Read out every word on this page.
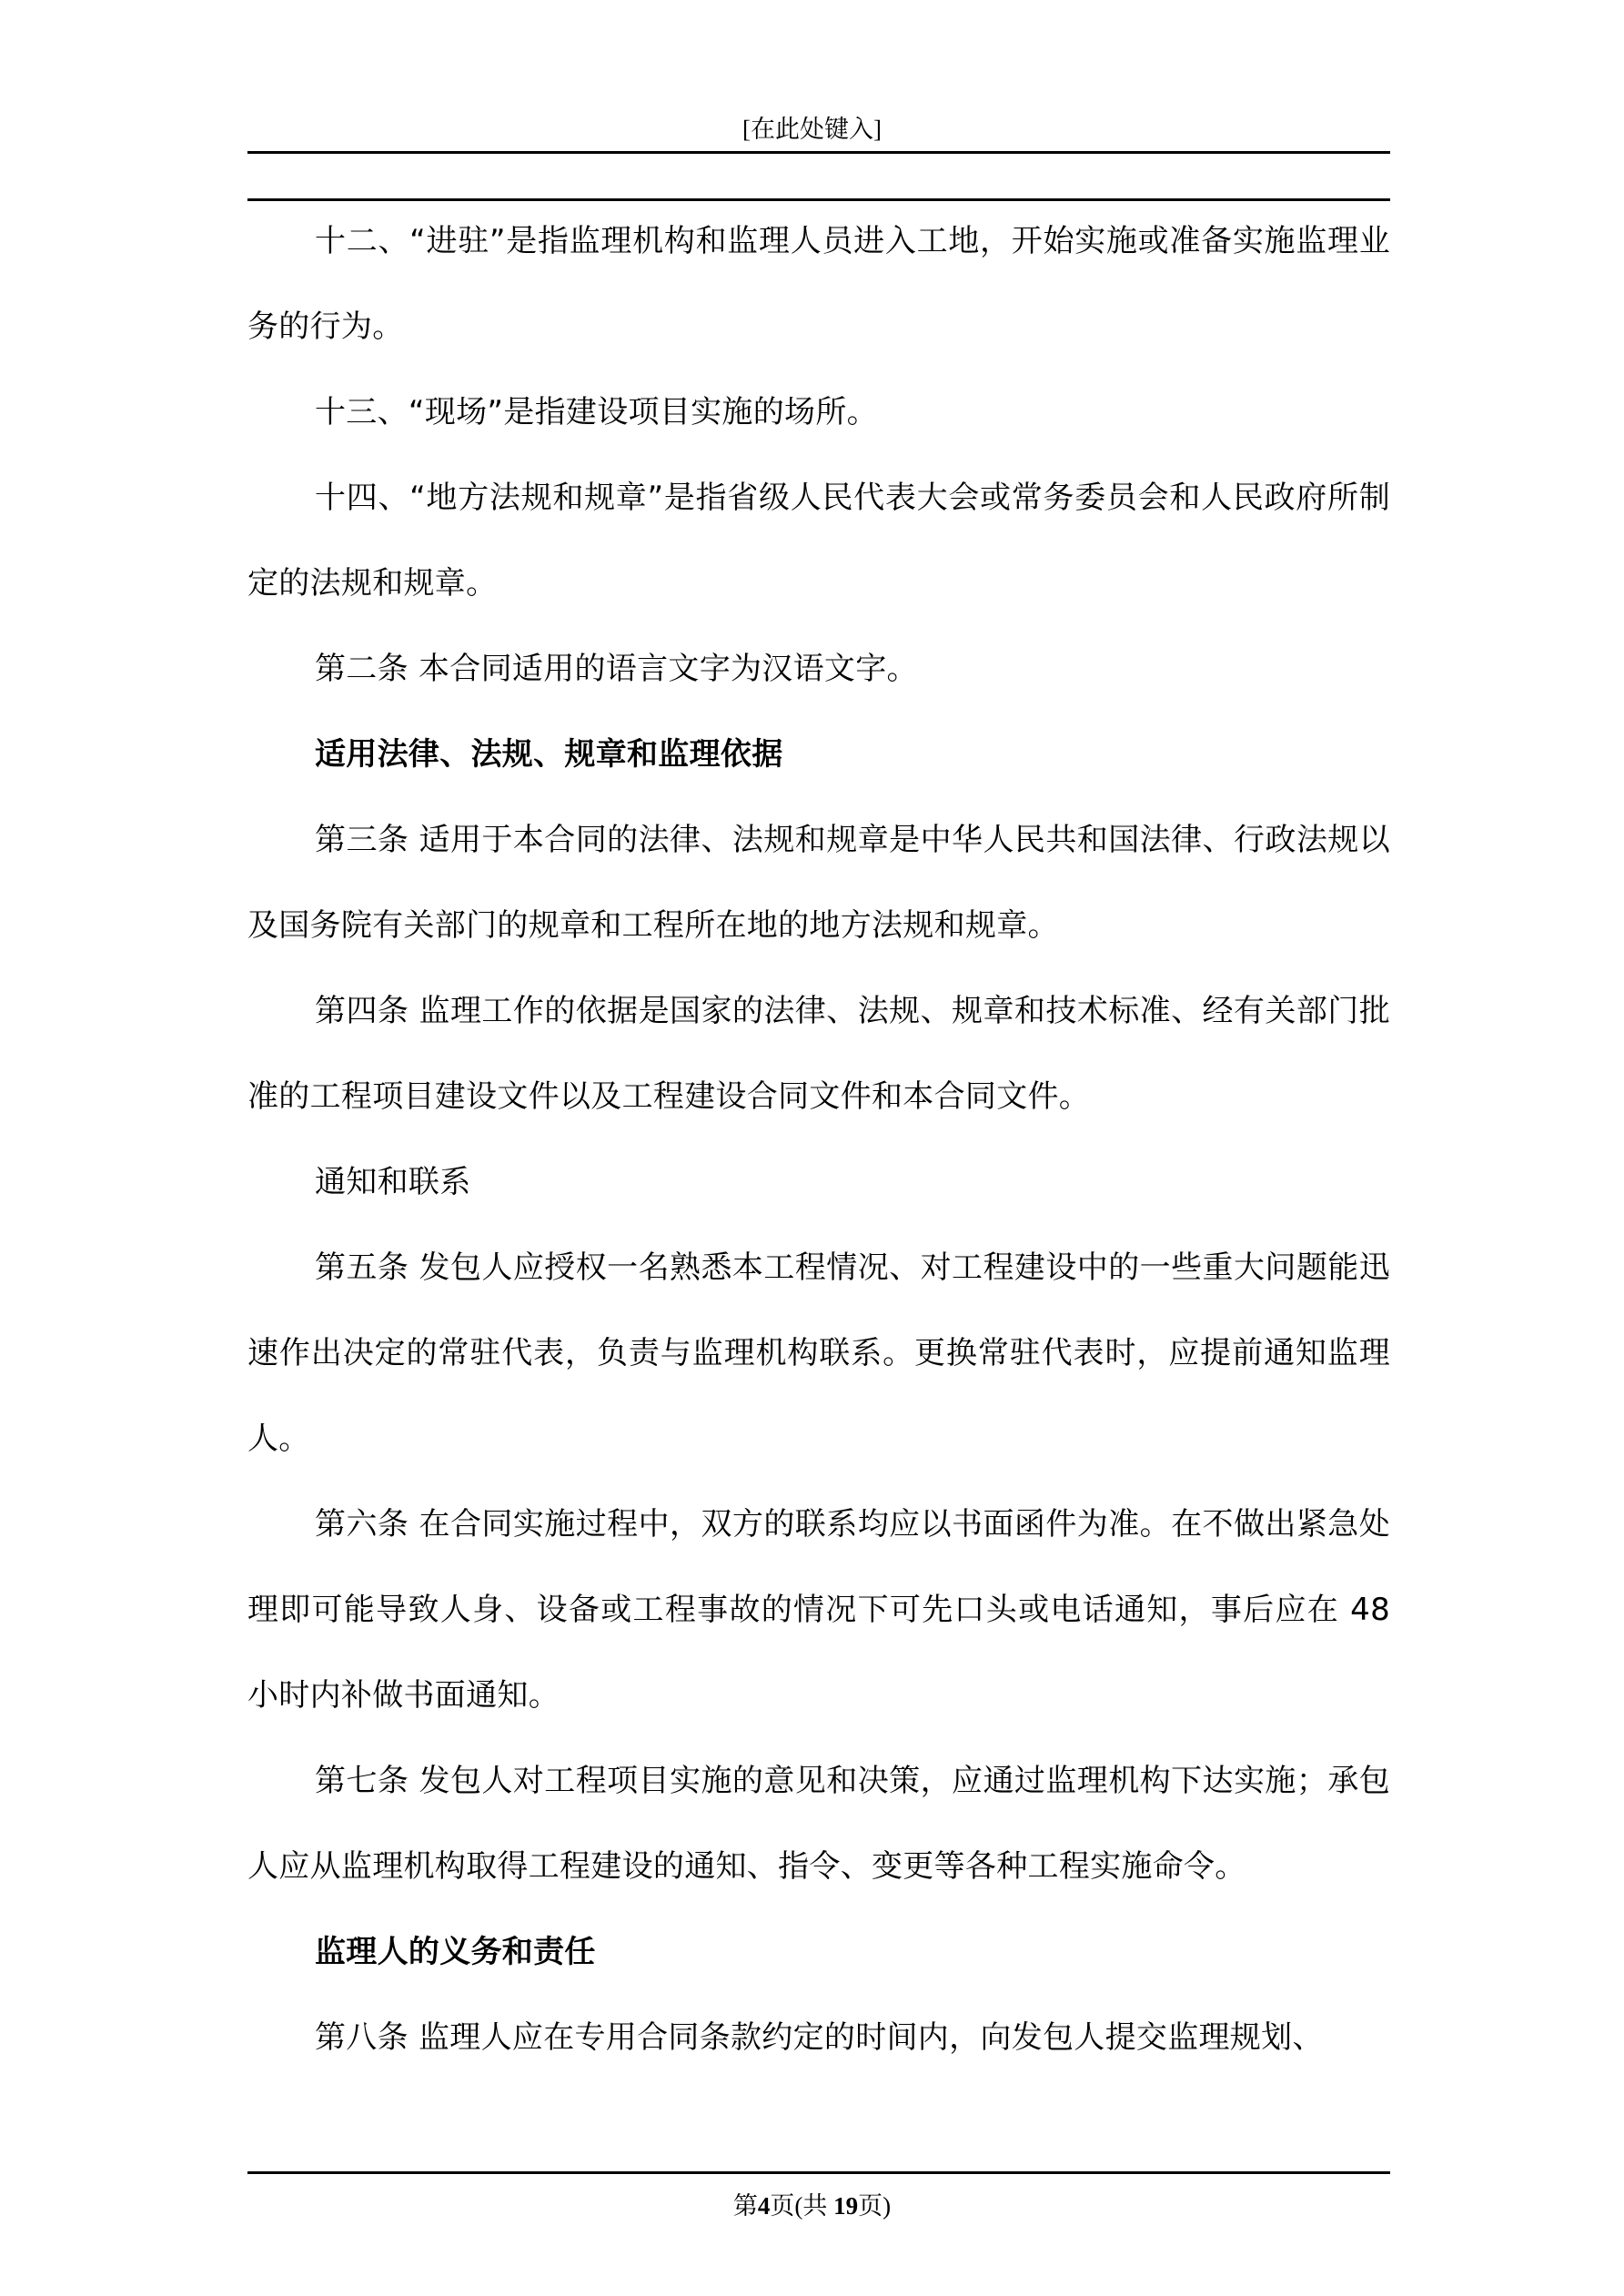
[在此处键入]

十二、“进驻”是指监理机构和监理人员进入工地，开始实施或准备实施监理业务的行为。

十三、“现场”是指建设项目实施的场所。

十四、“地方法规和规章”是指省级人民代表大会或常务委员会和人民政府所制定的法规和规章。

第二条 本合同适用的语言文字为汉语文字。

适用法律、法规、规章和监理依据

第三条 适用于本合同的法律、法规和规章是中华人民共和国法律、行政法规以及国务院有关部门的规章和工程所在地的地方法规和规章。

第四条 监理工作的依据是国家的法律、法规、规章和技术标准、经有关部门批准的工程项目建设文件以及工程建设合同文件和本合同文件。

通知和联系

第五条 发包人应授权一名熟悉本工程情况、对工程建设中的一些重大问题能迅速作出决定的常驻代表，负责与监理机构联系。更换常驻代表时，应提前通知监理人。

第六条 在合同实施过程中，双方的联系均应以书面函件为准。在不做出紧急处理即可能导致人身、设备或工程事故的情况下可先口头或电话通知，事后应在 48 小时内补做书面通知。

第七条 发包人对工程项目实施的意见和决策，应通过监理机构下达实施；承包人应从监理机构取得工程建设的通知、指令、变更等各种工程实施命令。

监理人的义务和责任

第八条 监理人应在专用合同条款约定的时间内，向发包人提交监理规划、

第4页(共 19页)
